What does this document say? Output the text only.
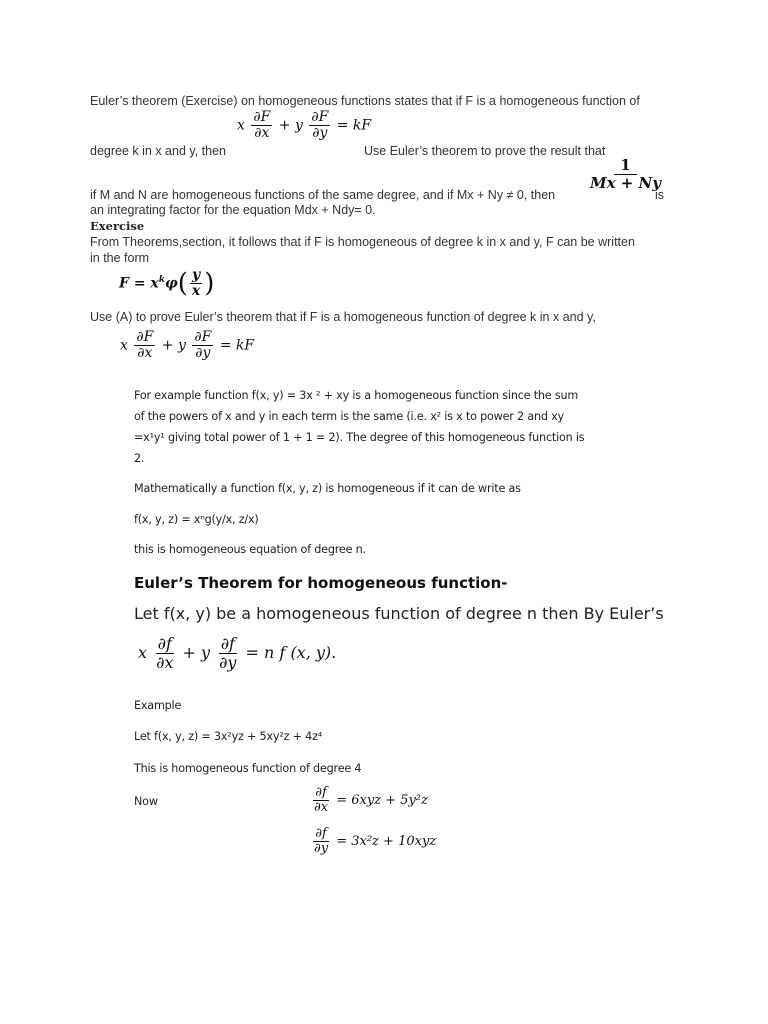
Euler’s theorem (Exercise) on homogeneous functions states that if F is a homogeneous function of
x $\frac{\partial F}{\partial x} + y \frac{\partial F}{\partial y}$ = kF
degree k in x and y, then	Use Euler’s theorem to prove the result that
$\frac{1}{Mx + Ny}$
if M and N are homogeneous functions of the same degree, and if Mx + Ny ≠ 0, then	is
an integrating factor for the equation Mdx + Ndy= 0.
Exercise
From Theorems,section, it follows that if F is homogeneous of degree k in x and y, F can be written
in the form
$F = x^k\varphi( \frac{y}{x}$ )
Use (A) to prove Euler’s theorem that if F is a homogeneous function of degree k in x and y,
x $\frac{\partial F}{\partial x} + y \frac{\partial F}{\partial y}$ = kF
For example function f(x, y) = 3x ² + xy is a homogeneous function since the sum
of the powers of x and y in each term is the same (i.e. x² is x to power 2 and xy
=x¹y¹ giving total power of 1 + 1 = 2). The degree of this homogeneous function is
2.
Mathematically a function f(x, y, z) is homogeneous if it can de write as
f(x, y, z) = xⁿg(y/x, z/x)
this is homogeneous equation of degree n.
Euler’s Theorem for homogeneous function-
Let f(x, y) be a homogeneous function of degree n then By Euler’s
x $\frac{\partial f}{\partial x} + y \frac{\partial f}{\partial y} = n$ f (x, y).
Example
Let f(x, y, z) = 3x²yz + 5xy²z + 4z⁴
This is homogeneous function of degree 4
Now	$\frac{\partial f}{\partial x} = 6xyz + 5y^2z$
$\frac{\partial f}{\partial y} = 3x^2z + 10xyz$
